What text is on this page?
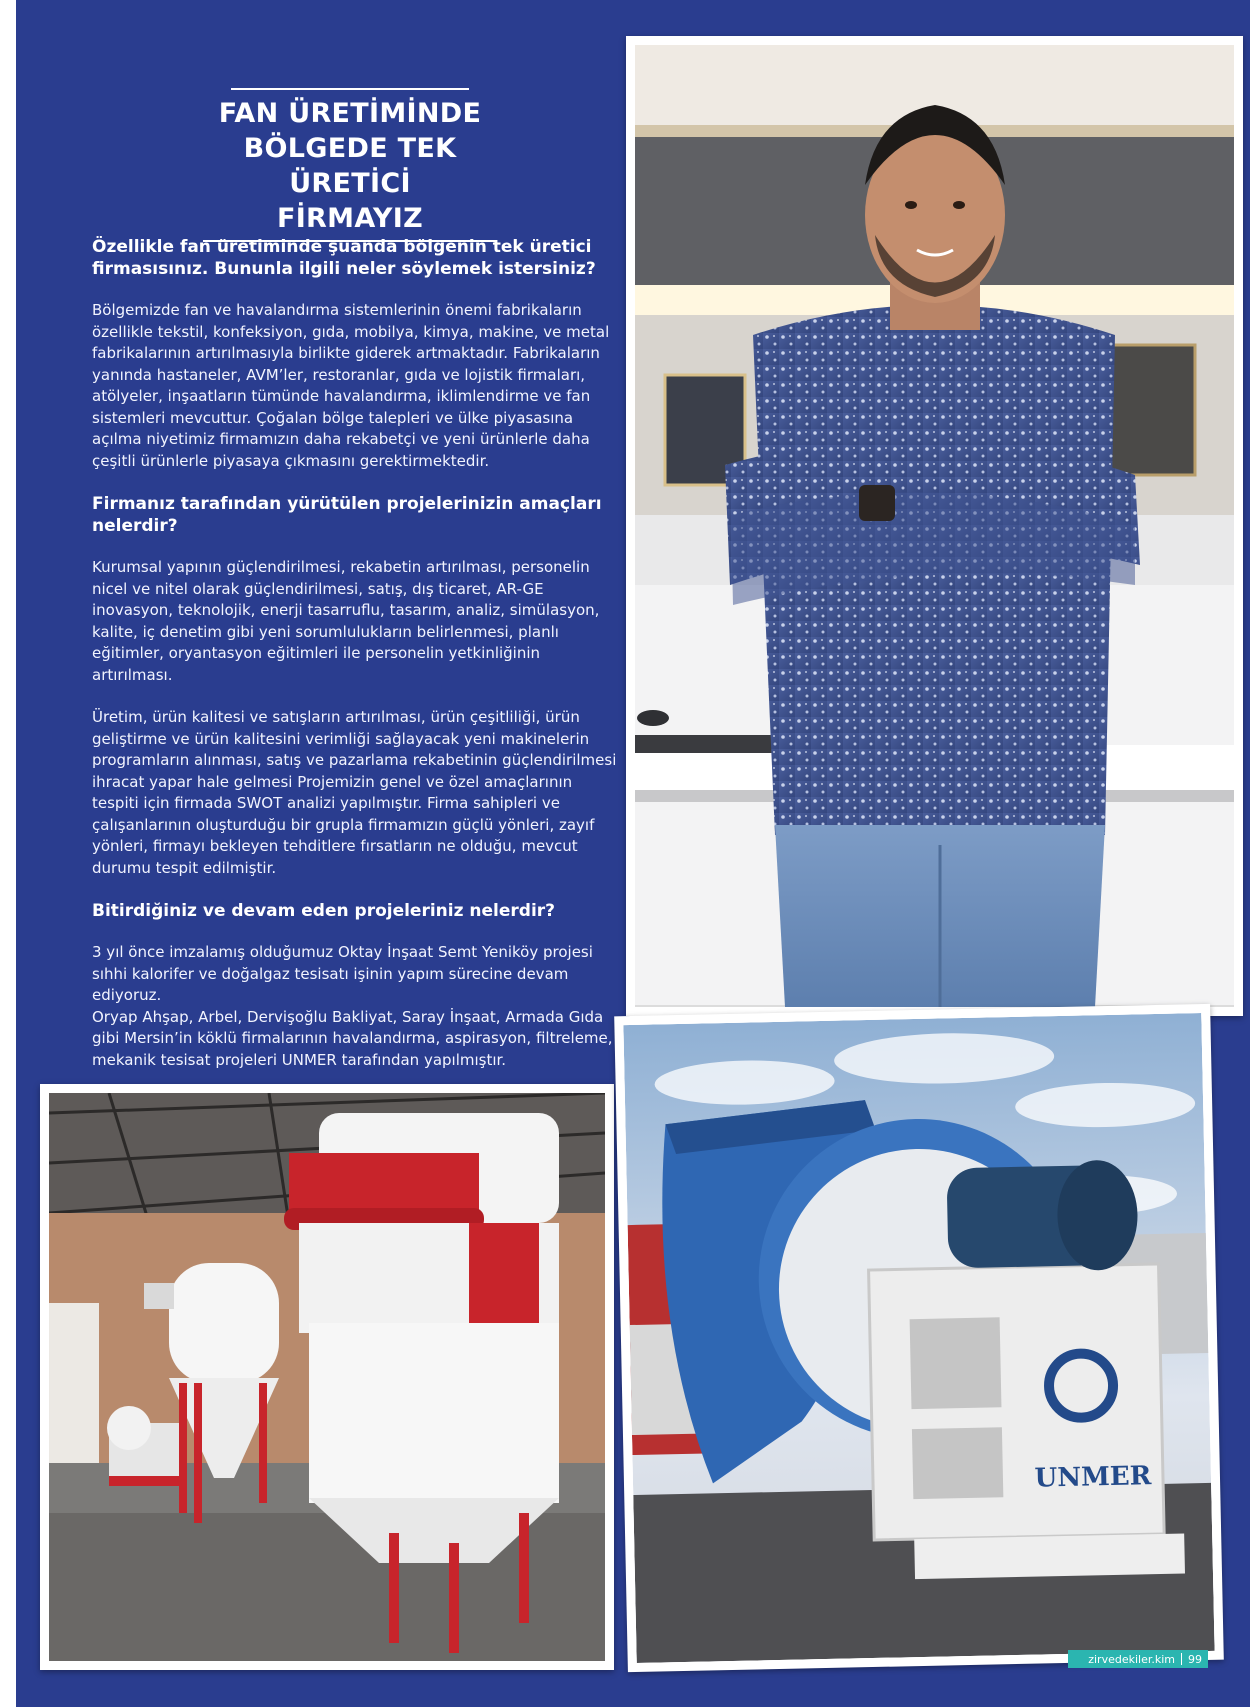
FAN ÜRETİMİNDE
BÖLGEDE TEK ÜRETİCİ
FİRMAYIZ
Özellikle fan üretiminde şuanda bölgenin tek üretici firmasısınız. Bununla ilgili neler söylemek istersiniz?
Bölgemizde fan ve havalandırma sistemlerinin önemi fabrikaların özellikle tekstil, konfeksiyon, gıda, mobilya, kimya, makine, ve metal fabrikalarının artırılmasıyla birlikte giderek artmaktadır. Fabrikaların yanında hastaneler, AVM’ler, restoranlar, gıda ve lojistik firmaları, atölyeler, inşaatların tümünde havalandırma, iklimlendirme ve fan sistemleri mevcuttur. Çoğalan bölge talepleri ve ülke piyasasına açılma niyetimiz firmamızın daha rekabetçi ve yeni ürünlerle daha çeşitli ürünlerle piyasaya çıkmasını gerektirmektedir.
Firmanız tarafından yürütülen projelerinizin amaçları nelerdir?
Kurumsal yapının güçlendirilmesi, rekabetin artırılması, personelin nicel ve nitel olarak güçlendirilmesi, satış, dış ticaret, AR-GE inovasyon, teknolojik, enerji tasarruflu, tasarım, analiz, simülasyon, kalite, iç denetim gibi yeni sorumlulukların belirlenmesi, planlı eğitimler, oryantasyon eğitimleri ile personelin yetkinliğinin artırılması.
Üretim, ürün kalitesi ve satışların artırılması, ürün çeşitliliği, ürün geliştirme ve ürün kalitesini verimliği sağlayacak yeni makinelerin programların alınması, satış ve pazarlama rekabetinin güçlendirilmesi ihracat yapar hale gelmesi Projemizin genel ve özel amaçlarının tespiti için firmada SWOT analizi yapılmıştır. Firma sahipleri ve çalışanlarının oluşturduğu bir grupla firmamızın güçlü yönleri, zayıf yönleri, firmayı bekleyen tehditlere fırsatların ne olduğu, mevcut durumu tespit edilmiştir.
Bitirdiğiniz ve devam eden projeleriniz nelerdir?
3 yıl önce imzalamış olduğumuz Oktay İnşaat Semt Yeniköy projesi sıhhi kalorifer ve doğalgaz tesisatı işinin yapım sürecine devam ediyoruz.
Oryap Ahşap, Arbel, Dervişoğlu Bakliyat, Saray İnşaat, Armada Gıda gibi Mersin’in köklü firmalarının havalandırma, aspirasyon, filtreleme, mekanik tesisat projeleri UNMER tarafından yapılmıştır.
UNMER
zirvedekiler.kim 99
